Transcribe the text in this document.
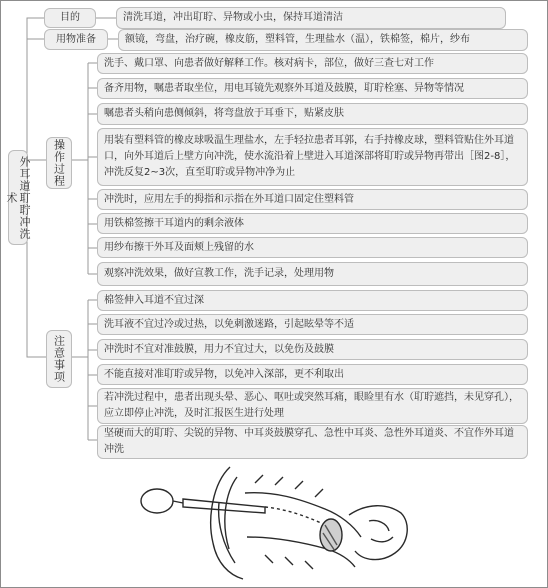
外耳道耵聍冲洗术
目的	清洗耳道，冲出耵聍、异物或小虫，保持耳道清洁
用物准备	额镜，弯盘，治疗碗，橡皮筋，塑料管，生理盐水（温），铁棉签，棉片，纱布
操作过程
洗手、戴口罩、向患者做好解释工作。核对病卡，部位，做好三查七对工作
备齐用物，嘱患者取坐位，用电耳镜先观察外耳道及鼓膜，耵聍栓塞、异物等情况
嘱患者头稍向患侧倾斜，将弯盘放于耳垂下，贴紧皮肤
用装有塑料管的橡皮球吸温生理盐水，左手轻拉患者耳郭，右手持橡皮球，塑料管贴住外耳道口，向外耳道后上壁方向冲洗，使水流沿着上壁进入耳道深部将耵聍或异物再带出［图2-8］，冲洗反复2~3次，直至耵聍或异物冲净为止
冲洗时，应用左手的拇指和示指在外耳道口固定住塑料管
用铁棉签擦干耳道内的剩余液体
用纱布擦干外耳及面颊上残留的水
观察冲洗效果，做好宣教工作，洗手记录，处理用物
注意事项
棉签伸入耳道不宜过深
洗耳液不宜过冷或过热，以免刺激迷路，引起眩晕等不适
冲洗时不宜对准鼓膜，用力不宜过大，以免伤及鼓膜
不能直接对准耵聍或异物，以免冲入深部，更不利取出
若冲洗过程中，患者出现头晕、恶心、呕吐或突然耳痛，眼睑里有水（耵聍遮挡，未见穿孔），应立即停止冲洗，及时汇报医生进行处理
坚硬而大的耵聍、尖锐的异物、中耳炎鼓膜穿孔、急性中耳炎、急性外耳道炎、不宜作外耳道冲洗
